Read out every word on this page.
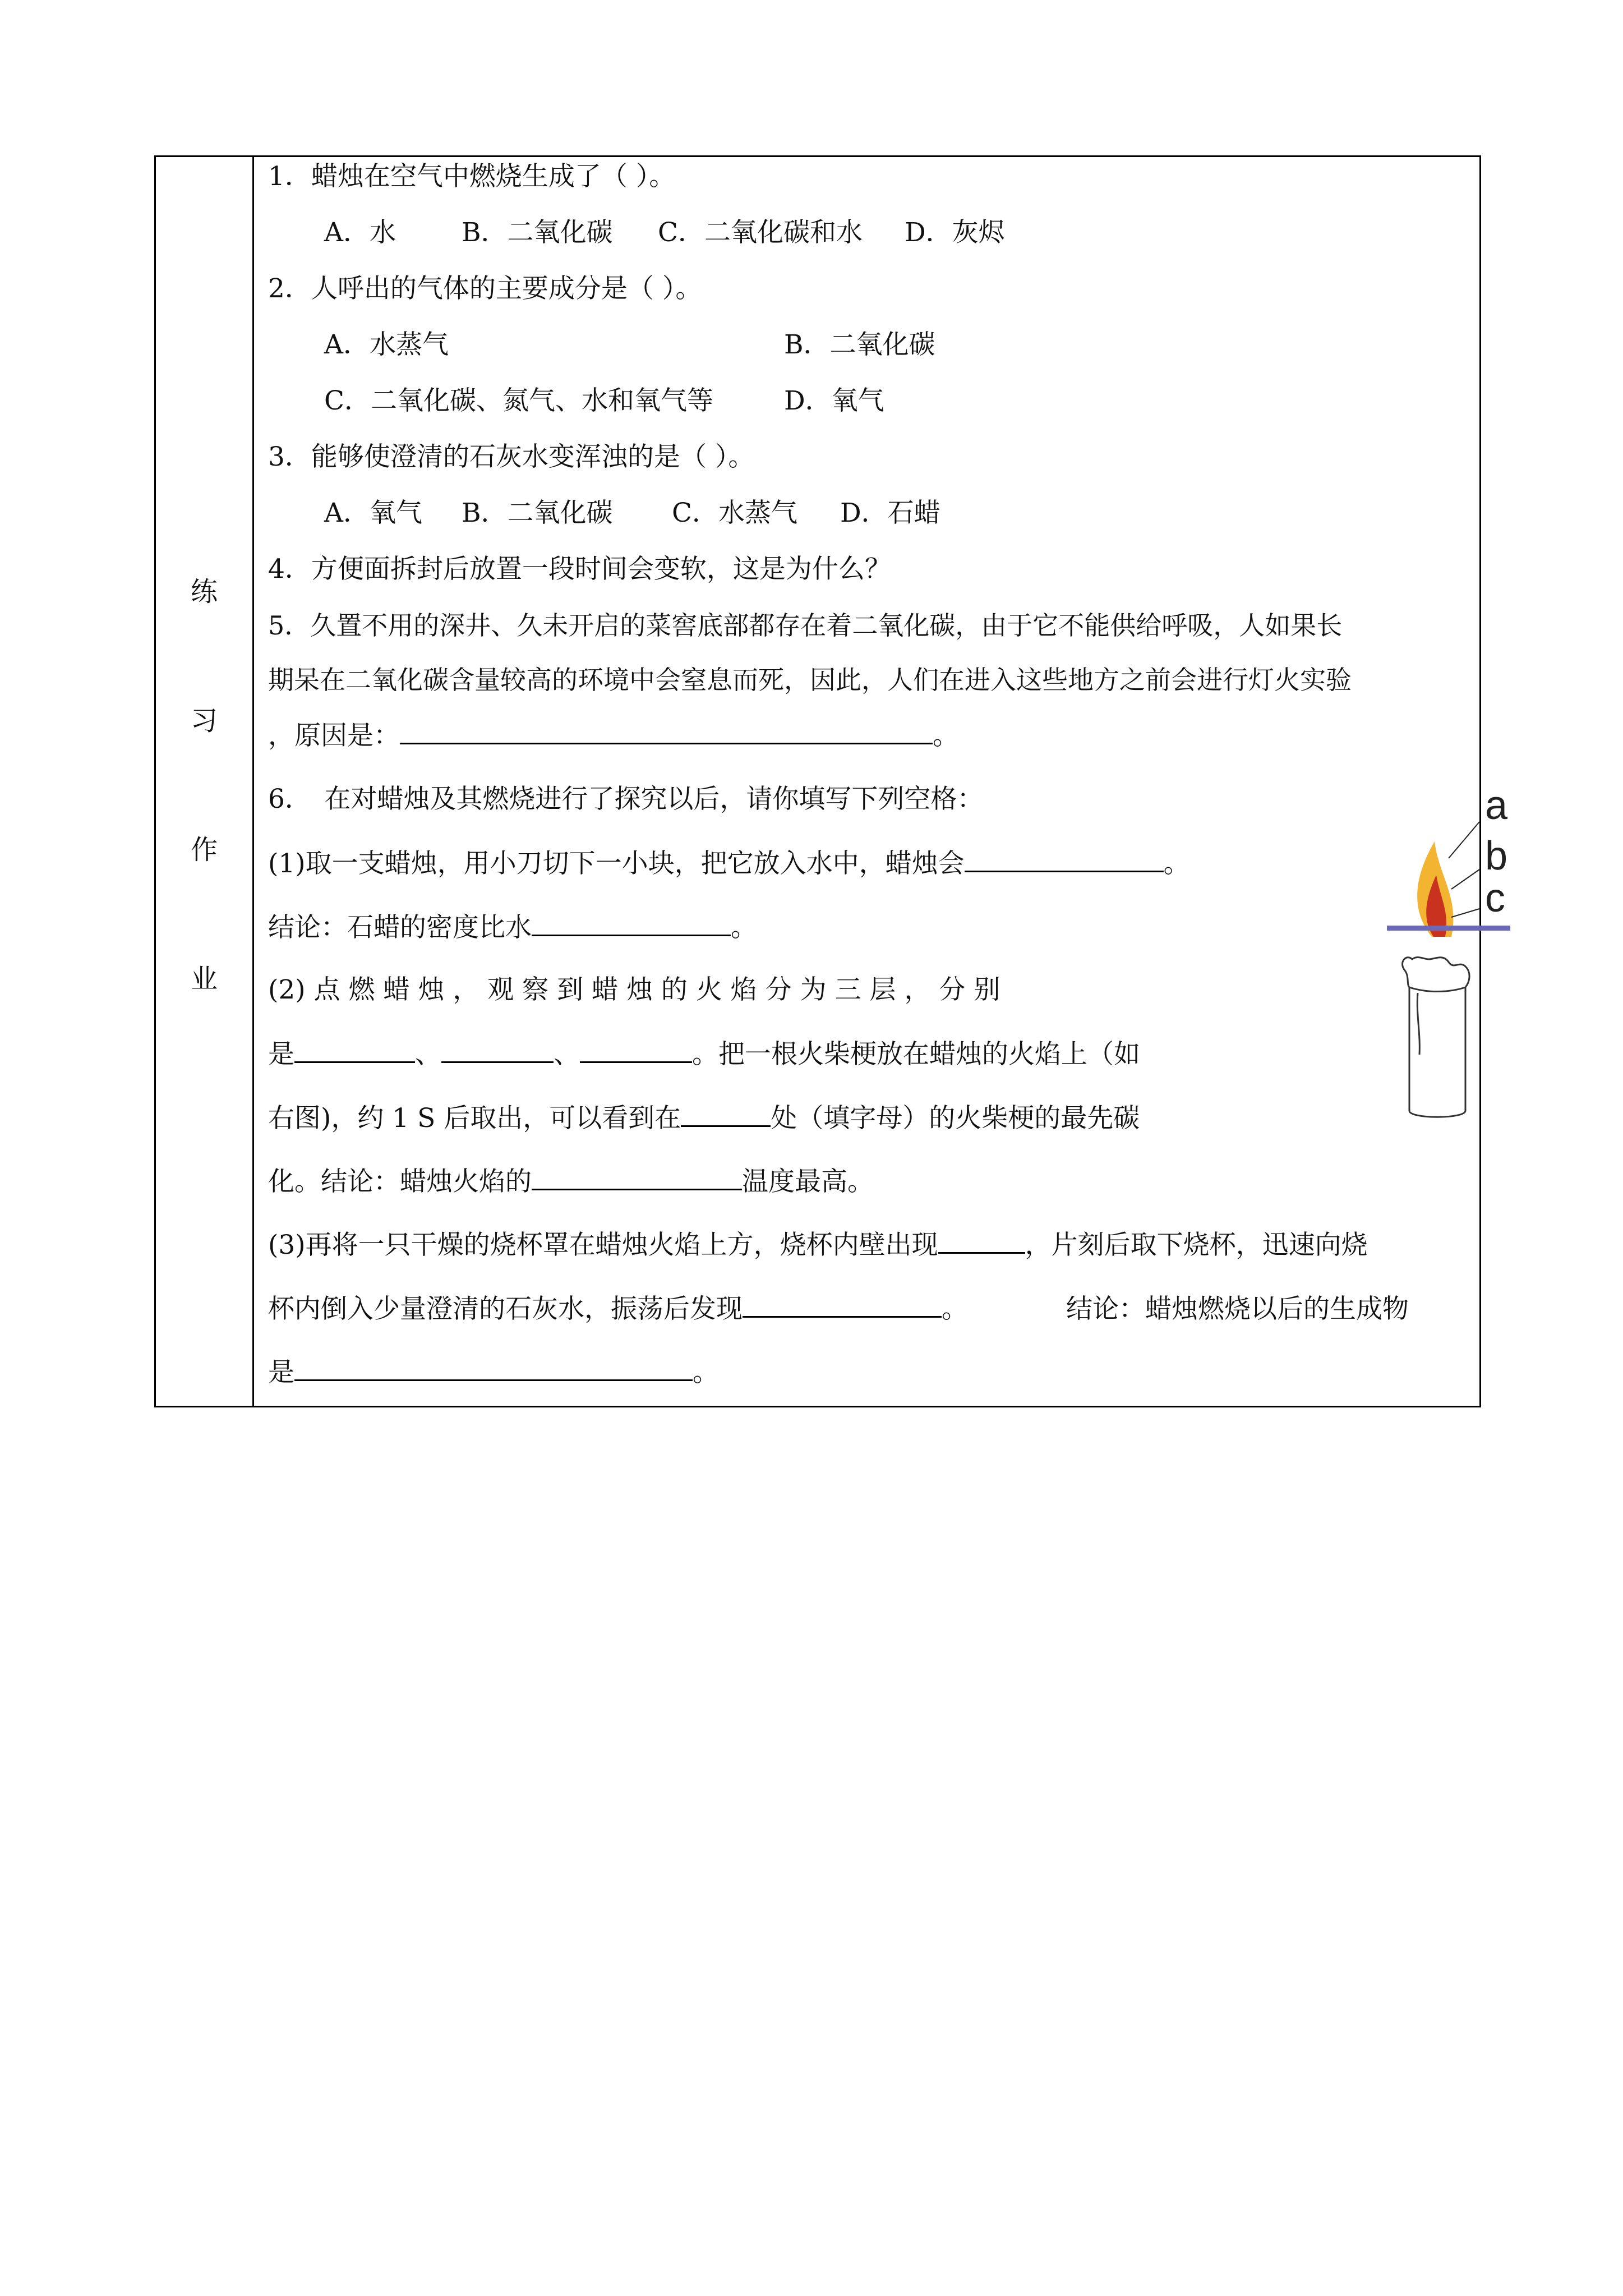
练
习
作
业
1．蜡烛在空气中燃烧生成了（ ）。
A．水 B．二氧化碳 C．二氧化碳和水 D．灰烬
2．人呼出的气体的主要成分是（ ）。
A．水蒸气	B．二氧化碳
C．二氧化碳、氮气、水和氧气等	D．氧气
3．能够使澄清的石灰水变浑浊的是（ ）。
A．氧气 B．二氧化碳 C．水蒸气 D．石蜡
4．方便面拆封后放置一段时间会变软，这是为什么？
5．久置不用的深井、久未开启的菜窖底部都存在着二氧化碳，由于它不能供给呼吸，人如果长
期呆在二氧化碳含量较高的环境中会窒息而死，因此，人们在进入这些地方之前会进行灯火实验
，原因是：	。
6．　在对蜡烛及其燃烧进行了探究以后，请你填写下列空格：
(1)取一支蜡烛，用小刀切下一小块，把它放入水中，蜡烛会	。
结论：石蜡的密度比水	。
(2) 点 燃 蜡 烛 ， 观 察 到 蜡 烛 的 火 焰 分 为 三 层 ， 分 别
是	、	、	。把一根火柴梗放在蜡烛的火焰上（如
右图)，约 1 S 后取出，可以看到在	处（填字母）的火柴梗的最先碳
化。结论：蜡烛火焰的	温度最高。
(3)再将一只干燥的烧杯罩在蜡烛火焰上方，烧杯内壁出现	，片刻后取下烧杯，迅速向烧
杯内倒入少量澄清的石灰水，振荡后发现	。	结论：蜡烛燃烧以后的生成物
是	。
a
b
c
